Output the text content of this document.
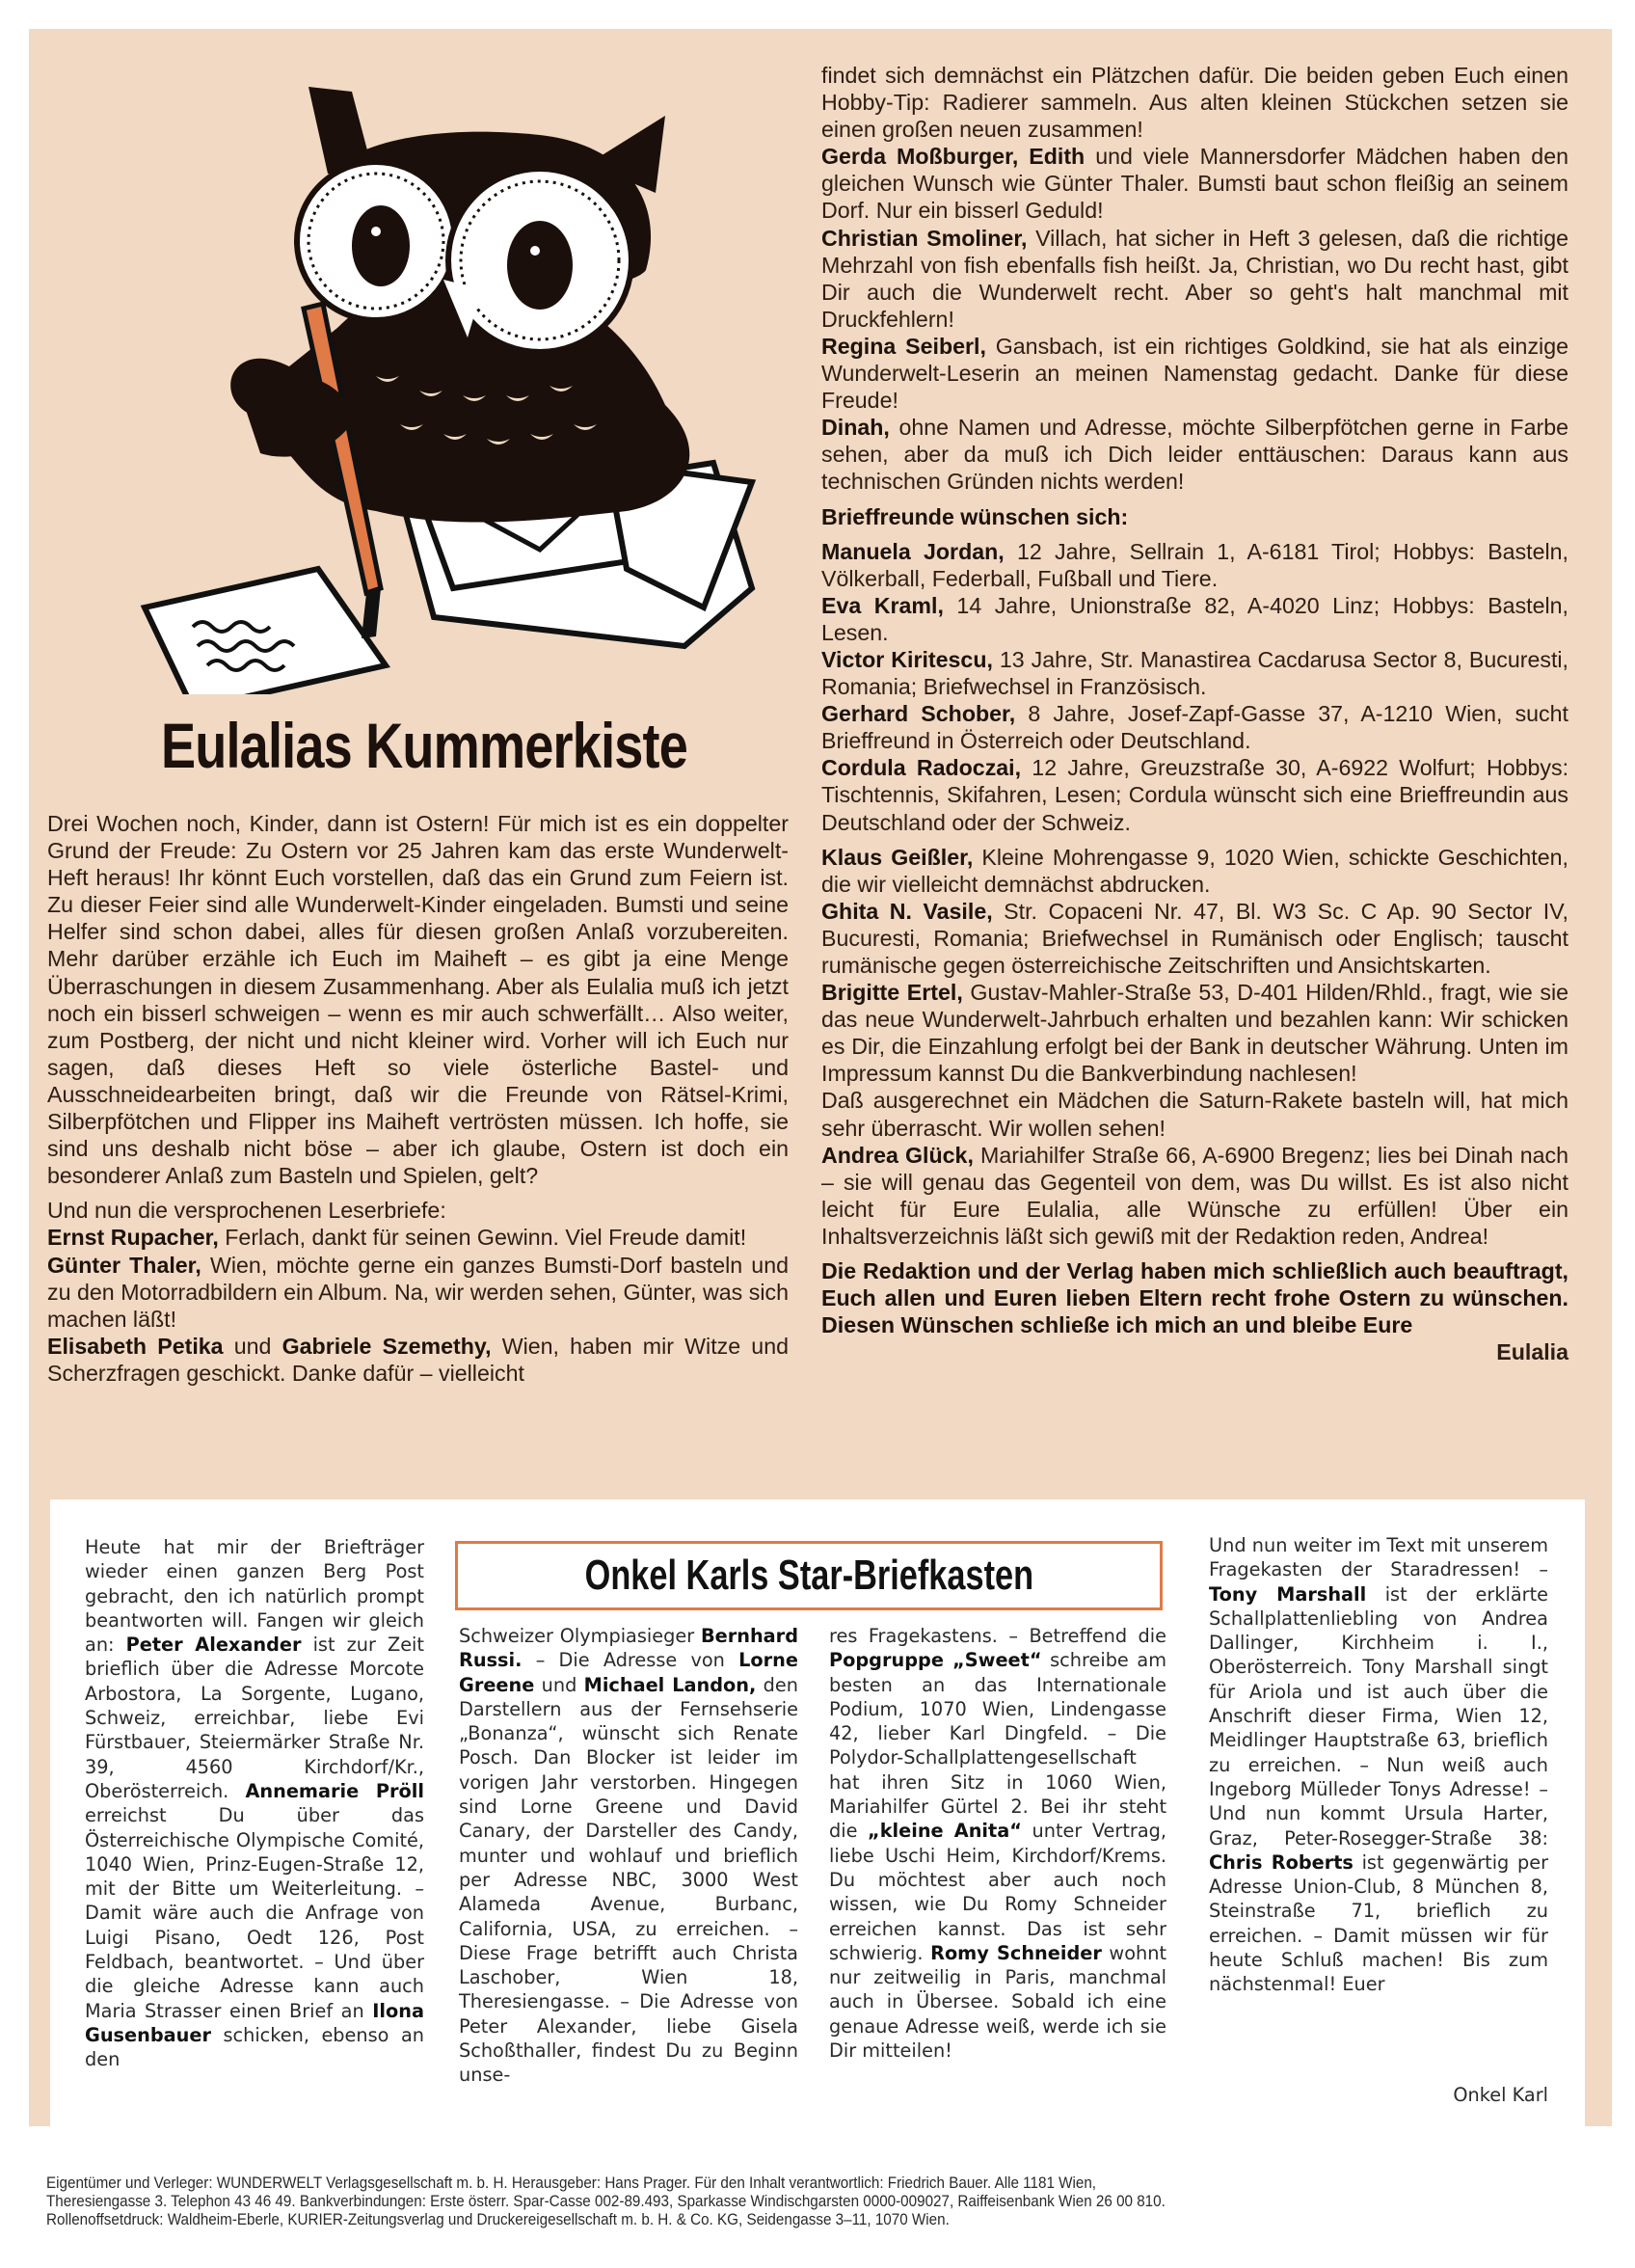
Eulalias Kummerkiste

Drei Wochen noch, Kinder, dann ist Ostern! Für mich ist es ein doppelter Grund der Freude: Zu Ostern vor 25 Jahren kam das erste Wunderwelt-Heft heraus! Ihr könnt Euch vorstellen, daß das ein Grund zum Feiern ist. Zu dieser Feier sind alle Wunderwelt-Kinder eingeladen. Bumsti und seine Helfer sind schon dabei, alles für diesen großen Anlaß vorzubereiten. Mehr darüber erzähle ich Euch im Maiheft – es gibt ja eine Menge Überraschungen in diesem Zusammenhang. Aber als Eulalia muß ich jetzt noch ein bisserl schweigen – wenn es mir auch schwerfällt… Also weiter, zum Postberg, der nicht und nicht kleiner wird. Vorher will ich Euch nur sagen, daß dieses Heft so viele österliche Bastel- und Ausschneidearbeiten bringt, daß wir die Freunde von Rätsel-Krimi, Silberpfötchen und Flipper ins Maiheft vertrösten müssen. Ich hoffe, sie sind uns deshalb nicht böse – aber ich glaube, Ostern ist doch ein besonderer Anlaß zum Basteln und Spielen, gelt?

Und nun die versprochenen Leserbriefe:

Ernst Rupacher, Ferlach, dankt für seinen Gewinn. Viel Freude damit!

Günter Thaler, Wien, möchte gerne ein ganzes Bumsti-Dorf basteln und zu den Motorradbildern ein Album. Na, wir werden sehen, Günter, was sich machen läßt!

Elisabeth Petika und Gabriele Szemethy, Wien, haben mir Witze und Scherzfragen geschickt. Danke dafür – vielleicht

findet sich demnächst ein Plätzchen dafür. Die beiden geben Euch einen Hobby-Tip: Radierer sammeln. Aus alten kleinen Stückchen setzen sie einen großen neuen zusammen!

Gerda Moßburger, Edith und viele Mannersdorfer Mädchen haben den gleichen Wunsch wie Günter Thaler. Bumsti baut schon fleißig an seinem Dorf. Nur ein bisserl Geduld!

Christian Smoliner, Villach, hat sicher in Heft 3 gelesen, daß die richtige Mehrzahl von fish ebenfalls fish heißt. Ja, Christian, wo Du recht hast, gibt Dir auch die Wunderwelt recht. Aber so geht's halt manchmal mit Druckfehlern!

Regina Seiberl, Gansbach, ist ein richtiges Goldkind, sie hat als einzige Wunderwelt-Leserin an meinen Namenstag gedacht. Danke für diese Freude!

Dinah, ohne Namen und Adresse, möchte Silberpfötchen gerne in Farbe sehen, aber da muß ich Dich leider enttäuschen: Daraus kann aus technischen Gründen nichts werden!

Brieffreunde wünschen sich:

Manuela Jordan, 12 Jahre, Sellrain 1, A-6181 Tirol; Hobbys: Basteln, Völkerball, Federball, Fußball und Tiere.

Eva Kraml, 14 Jahre, Unionstraße 82, A-4020 Linz; Hobbys: Basteln, Lesen.

Victor Kiritescu, 13 Jahre, Str. Manastirea Cacdarusa Sector 8, Bucuresti, Romania; Briefwechsel in Französisch.

Gerhard Schober, 8 Jahre, Josef-Zapf-Gasse 37, A-1210 Wien, sucht Brieffreund in Österreich oder Deutschland.

Cordula Radoczai, 12 Jahre, Greuzstraße 30, A-6922 Wolfurt; Hobbys: Tischtennis, Skifahren, Lesen; Cordula wünscht sich eine Brieffreundin aus Deutschland oder der Schweiz.

Klaus Geißler, Kleine Mohrengasse 9, 1020 Wien, schickte Geschichten, die wir vielleicht demnächst abdrucken.

Ghita N. Vasile, Str. Copaceni Nr. 47, Bl. W3 Sc. C Ap. 90 Sector IV, Bucuresti, Romania; Briefwechsel in Rumänisch oder Englisch; tauscht rumänische gegen österreichische Zeitschriften und Ansichtskarten.

Brigitte Ertel, Gustav-Mahler-Straße 53, D-401 Hilden/Rhld., fragt, wie sie das neue Wunderwelt-Jahrbuch erhalten und bezahlen kann: Wir schicken es Dir, die Einzahlung erfolgt bei der Bank in deutscher Währung. Unten im Impressum kannst Du die Bankverbindung nachlesen!

Daß ausgerechnet ein Mädchen die Saturn-Rakete basteln will, hat mich sehr überrascht. Wir wollen sehen!

Andrea Glück, Mariahilfer Straße 66, A-6900 Bregenz; lies bei Dinah nach – sie will genau das Gegenteil von dem, was Du willst. Es ist also nicht leicht für Eure Eulalia, alle Wünsche zu erfüllen! Über ein Inhaltsverzeichnis läßt sich gewiß mit der Redaktion reden, Andrea!

Die Redaktion und der Verlag haben mich schließlich auch beauftragt, Euch allen und Euren lieben Eltern recht frohe Ostern zu wünschen. Diesen Wünschen schließe ich mich an und bleibe Eure

Eulalia

Onkel Karls Star-Briefkasten
Heute hat mir der Briefträger wieder einen ganzen Berg Post gebracht, den ich natürlich prompt beantworten will. Fangen wir gleich an: Peter Alexander ist zur Zeit brieflich über die Adresse Morcote Arbostora, La Sorgente, Lugano, Schweiz, erreichbar, liebe Evi Fürstbauer, Steiermärker Straße Nr. 39, 4560 Kirchdorf/Kr., Oberösterreich. Annemarie Pröll erreichst Du über das Österreichische Olympische Comité, 1040 Wien, Prinz-Eugen-Straße 12, mit der Bitte um Weiterleitung. – Damit wäre auch die Anfrage von Luigi Pisano, Oedt 126, Post Feldbach, beantwortet. – Und über die gleiche Adresse kann auch Maria Strasser einen Brief an Ilona Gusenbauer schicken, ebenso an den
Schweizer Olympiasieger Bernhard Russi. – Die Adresse von Lorne Greene und Michael Landon, den Darstellern aus der Fernsehserie „Bonanza“, wünscht sich Renate Posch. Dan Blocker ist leider im vorigen Jahr verstorben. Hingegen sind Lorne Greene und David Canary, der Darsteller des Candy, munter und wohlauf und brieflich per Adresse NBC, 3000 West Alameda Avenue, Burbanc, California, USA, zu erreichen. – Diese Frage betrifft auch Christa Laschober, Wien 18, Theresiengasse. – Die Adresse von Peter Alexander, liebe Gisela Schoßthaller, findest Du zu Beginn unse-
res Fragekastens. – Betreffend die Popgruppe „Sweet“ schreibe am besten an das Internationale Podium, 1070 Wien, Lindengasse 42, lieber Karl Dingfeld. – Die Polydor-Schallplattengesellschaft hat ihren Sitz in 1060 Wien, Mariahilfer Gürtel 2. Bei ihr steht die „kleine Anita“ unter Vertrag, liebe Uschi Heim, Kirchdorf/Krems. Du möchtest aber auch noch wissen, wie Du Romy Schneider erreichen kannst. Das ist sehr schwierig. Romy Schneider wohnt nur zeitweilig in Paris, manchmal auch in Übersee. Sobald ich eine genaue Adresse weiß, werde ich sie Dir mitteilen!
Und nun weiter im Text mit unserem Fragekasten der Staradressen! – Tony Marshall ist der erklärte Schallplattenliebling von Andrea Dallinger, Kirchheim i. I., Oberösterreich. Tony Marshall singt für Ariola und ist auch über die Anschrift dieser Firma, Wien 12, Meidlinger Hauptstraße 63, brieflich zu erreichen. – Nun weiß auch Ingeborg Mülleder Tonys Adresse! – Und nun kommt Ursula Harter, Graz, Peter-Rosegger-Straße 38: Chris Roberts ist gegenwärtig per Adresse Union-Club, 8 München 8, Steinstraße 71, brieflich zu erreichen. – Damit müssen wir für heute Schluß machen! Bis zum nächstenmal! Euer
Onkel Karl

Eigentümer und Verleger: WUNDERWELT Verlagsgesellschaft m. b. H. Herausgeber: Hans Prager. Für den Inhalt verantwortlich: Friedrich Bauer. Alle 1181 Wien,

Theresiengasse 3. Telephon 43 46 49. Bankverbindungen: Erste österr. Spar-Casse 002-89.493, Sparkasse Windischgarsten 0000-009027, Raiffeisenbank Wien 26 00 810.

Rollenoffsetdruck: Waldheim-Eberle, KURIER-Zeitungsverlag und Druckereigesellschaft m. b. H. & Co. KG, Seidengasse 3–11, 1070 Wien.
